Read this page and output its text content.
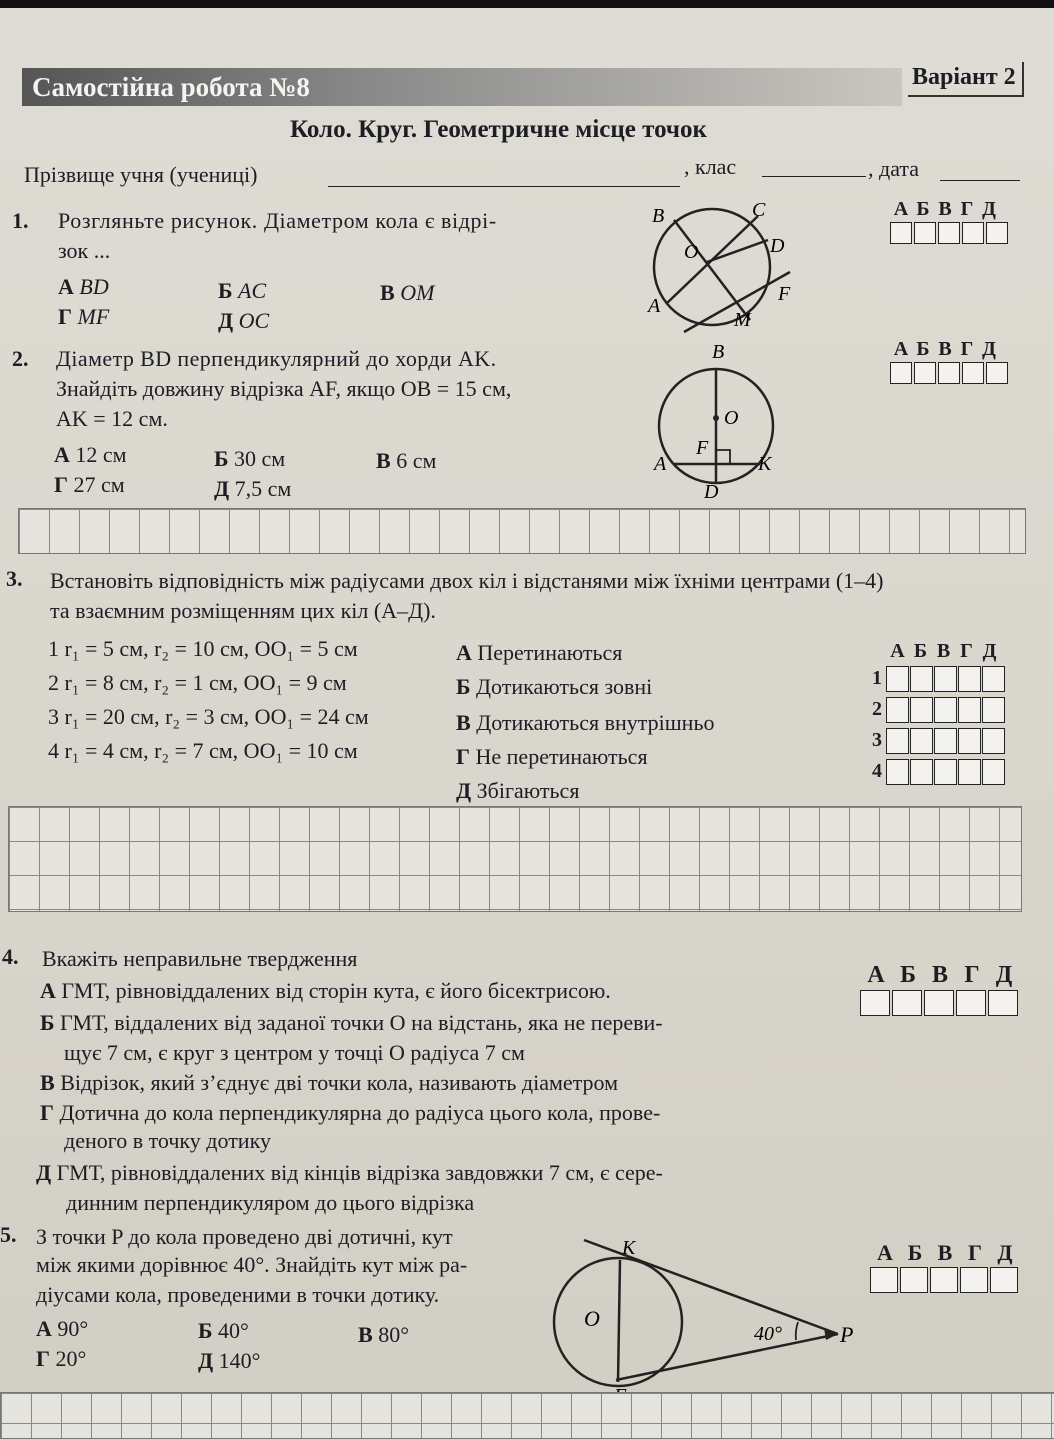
Самостійна робота №8	Варіант 2
Коло. Круг. Геометричне місце точок
Прізвище учня (учениці)	, клас	, дата
1. Розгляньте рисунок. Діаметром кола є відрі-
зок ...
А BD	Б AC	В OM
Г MF	Д OC
B	C
O	D
A
F
M
А Б В Г Д
2. Діаметр BD перпендикулярний до хорди AK.
Знайдіть довжину відрізка AF, якщо OB = 15 см,
AK = 12 см.
А 12 см	Б 30 см	В 6 см
Г 27 см	Д 7,5 см
B
O
F
A	K
D
А Б В Г Д
3. Встановіть відповідність між радіусами двох кіл і відстанями між їхніми центрами (1–4)
та взаємним розміщенням цих кіл (А–Д).
1 r₁ = 5 см, r₂ = 10 см, OO₁ = 5 см
2 r₁ = 8 см, r₂ = 1 см, OO₁ = 9 см
3 r₁ = 20 см, r₂ = 3 см, OO₁ = 24 см
4 r₁ = 4 см, r₂ = 7 см, OO₁ = 10 см
А Перетинаються
Б Дотикаються зовні
В Дотикаються внутрішньо
Г Не перетинаються
Д Збігаються
А Б В Г Д
1
2
3
4
4. Вкажіть неправильне твердження
А ГМТ, рівновіддалених від сторін кута, є його бісектрисою.
Б ГМТ, віддалених від заданої точки O на відстань, яка не переви-
щує 7 см, є круг з центром у точці O радіуса 7 см
В Відрізок, який з’єднує дві точки кола, називають діаметром
Г Дотична до кола перпендикулярна до радіуса цього кола, прове-
деного в точку дотику
Д ГМТ, рівновіддалених від кінців відрізка завдовжки 7 см, є сере-
динним перпендикуляром до цього відрізка
А Б В Г Д
5. З точки P до кола проведено дві дотичні, кут
між якими дорівнює 40°. Знайдіть кут між ра-
діусами кола, проведеними в точки дотику.
А 90°	Б 40°	В 80°
Г 20°	Д 140°
K
O
P
40°
А Б В Г Д
